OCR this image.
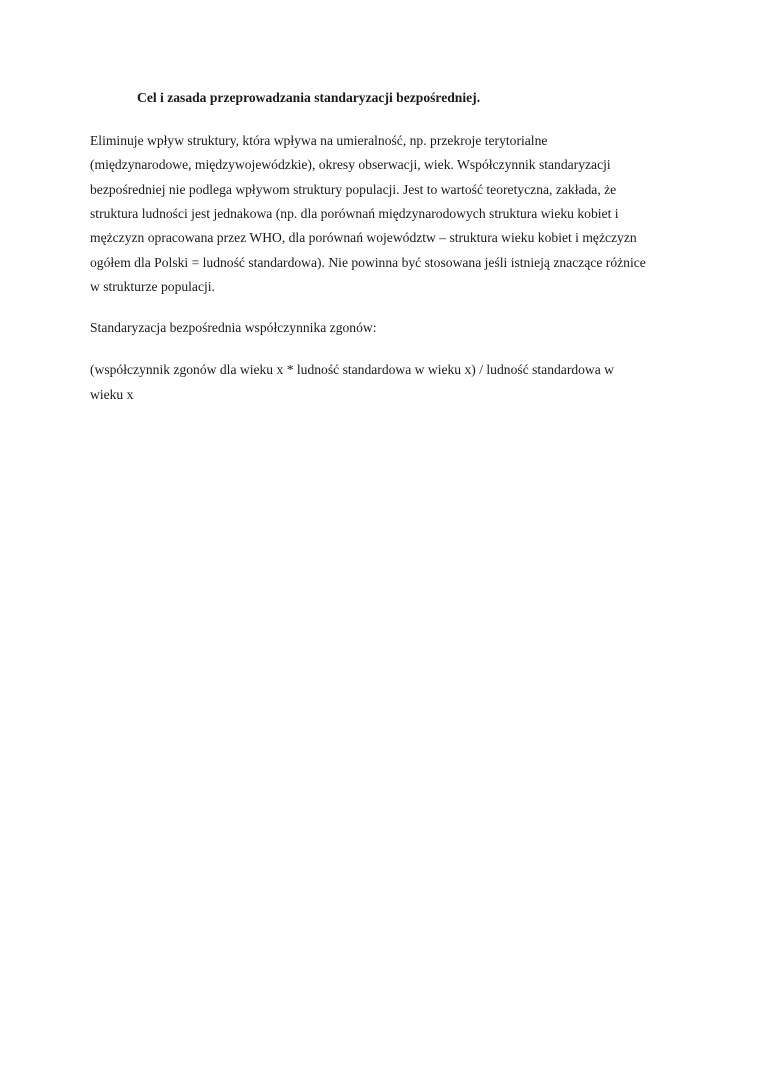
Cel i zasada przeprowadzania standaryzacji bezpośredniej.
Eliminuje wpływ struktury, która wpływa na umieralność, np. przekroje terytorialne
(międzynarodowe, międzywojewódzkie), okresy obserwacji, wiek. Współczynnik standaryzacji
bezpośredniej nie podlega wpływom struktury populacji. Jest to wartość teoretyczna, zakłada, że
struktura ludności jest jednakowa (np. dla porównań międzynarodowych struktura wieku kobiet i
mężczyzn opracowana przez WHO, dla porównań województw – struktura wieku kobiet i mężczyzn
ogółem dla Polski = ludność standardowa). Nie powinna być stosowana jeśli istnieją znaczące różnice
w strukturze populacji.
Standaryzacja bezpośrednia współczynnika zgonów:
(współczynnik zgonów dla wieku x * ludność standardowa w wieku x) / ludność standardowa w
wieku x
